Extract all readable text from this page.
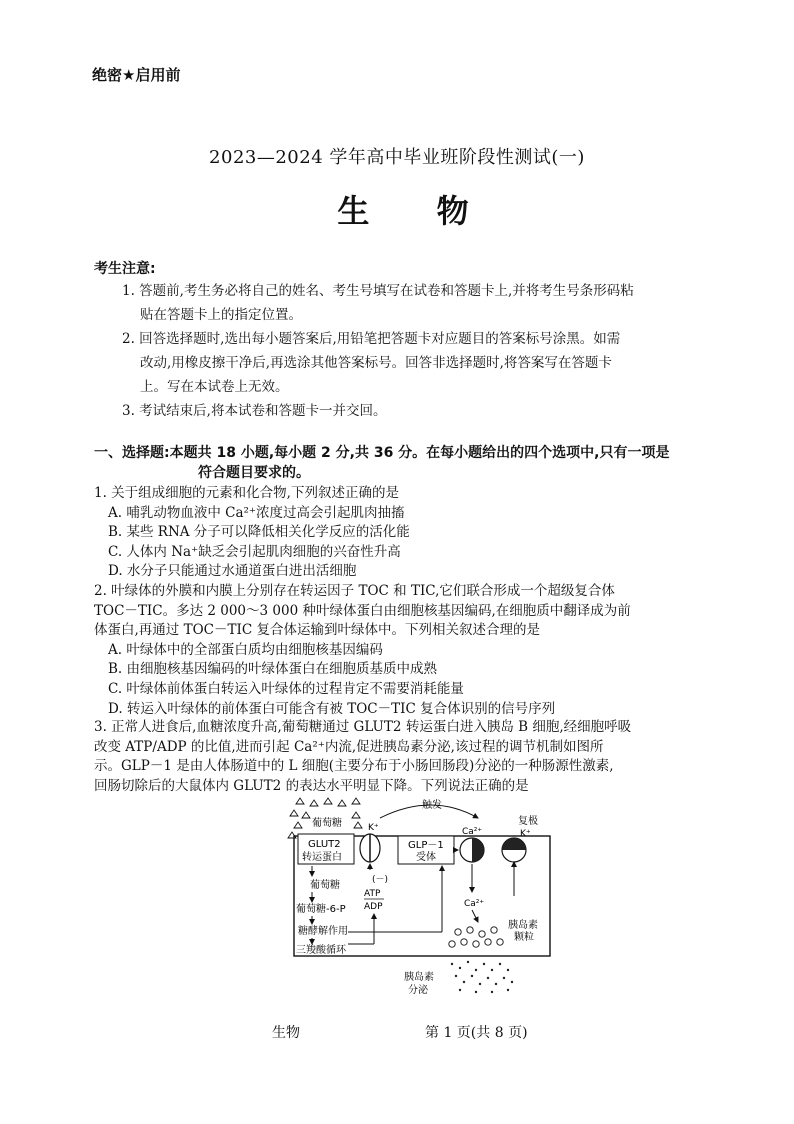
绝密★启用前
2023—2024 学年高中毕业班阶段性测试(一)
生 物
考生注意:
1. 答题前,考生务必将自己的姓名、考生号填写在试卷和答题卡上,并将考生号条形码粘
贴在答题卡上的指定位置。
2. 回答选择题时,选出每小题答案后,用铅笔把答题卡对应题目的答案标号涂黑。如需
改动,用橡皮擦干净后,再选涂其他答案标号。回答非选择题时,将答案写在答题卡
上。写在本试卷上无效。
3. 考试结束后,将本试卷和答题卡一并交回。
一、选择题:本题共 18 小题,每小题 2 分,共 36 分。在每小题给出的四个选项中,只有一项是
符合题目要求的。
1. 关于组成细胞的元素和化合物,下列叙述正确的是
A. 哺乳动物血液中 Ca²⁺浓度过高会引起肌肉抽搐
B. 某些 RNA 分子可以降低相关化学反应的活化能
C. 人体内 Na⁺缺乏会引起肌肉细胞的兴奋性升高
D. 水分子只能通过水通道蛋白进出活细胞
2. 叶绿体的外膜和内膜上分别存在转运因子 TOC 和 TIC,它们联合形成一个超级复合体
TOC－TIC。多达 2 000～3 000 种叶绿体蛋白由细胞核基因编码,在细胞质中翻译成为前
体蛋白,再通过 TOC－TIC 复合体运输到叶绿体中。下列相关叙述合理的是
A. 叶绿体中的全部蛋白质均由细胞核基因编码
B. 由细胞核基因编码的叶绿体蛋白在细胞质基质中成熟
C. 叶绿体前体蛋白转运入叶绿体的过程肯定不需要消耗能量
D. 转运入叶绿体的前体蛋白可能含有被 TOC－TIC 复合体识别的信号序列
3. 正常人进食后,血糖浓度升高,葡萄糖通过 GLUT2 转运蛋白进入胰岛 B 细胞,经细胞呼吸
改变 ATP/ADP 的比值,进而引起 Ca²⁺内流,促进胰岛素分泌,该过程的调节机制如图所
示。GLP－1 是由人体肠道中的 L 细胞(主要分布于小肠回肠段)分泌的一种肠源性激素,
回肠切除后的大鼠体内 GLUT2 的表达水平明显下降。下列说法正确的是
葡萄糖	K⁺
触发
复极
K⁺
GLUT2
转运蛋白
GLP－1
受体
Ca²⁺
葡萄糖
葡萄糖-6-P
糖酵解作用
三羧酸循环
(－)
ATP
ADP	Ca²⁺
胰岛素
颗粒
胰岛素
分泌
生物	第 1 页(共 8 页)
